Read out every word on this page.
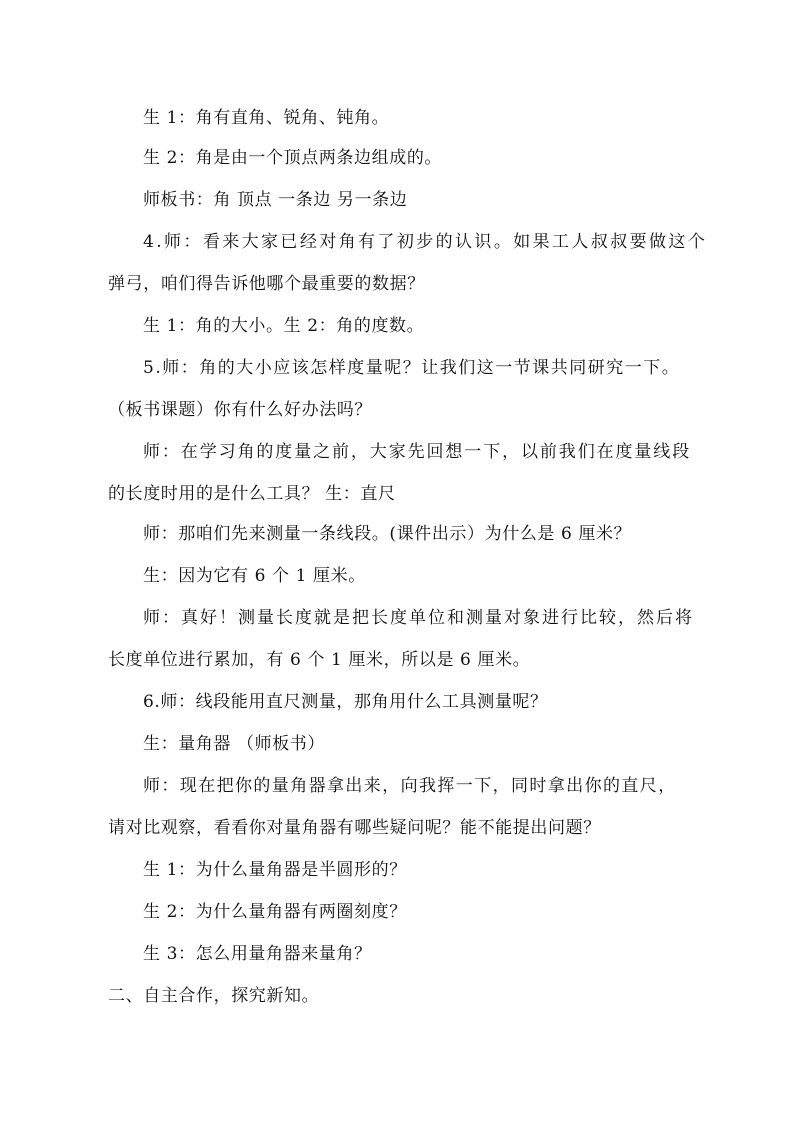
生 1：角有直角、锐角、钝角。
生 2：角是由一个顶点两条边组成的。
师板书：角 顶点 一条边 另一条边
4.师：看来大家已经对角有了初步的认识。如果工人叔叔要做这个
弹弓，咱们得告诉他哪个最重要的数据？
生 1：角的大小。生 2：角的度数。
5.师：角的大小应该怎样度量呢？让我们这一节课共同研究一下。
（板书课题）你有什么好办法吗？
师：在学习角的度量之前，大家先回想一下，以前我们在度量线段
的长度时用的是什么工具？ 生：直尺
师：那咱们先来测量一条线段。(课件出示）为什么是 6 厘米？
生：因为它有 6 个 1 厘米。
师：真好！测量长度就是把长度单位和测量对象进行比较，然后将
长度单位进行累加，有 6 个 1 厘米，所以是 6 厘米。
6.师：线段能用直尺测量，那角用什么工具测量呢？
生：量角器 （师板书）
师：现在把你的量角器拿出来，向我挥一下，同时拿出你的直尺，
请对比观察，看看你对量角器有哪些疑问呢？能不能提出问题？
生 1：为什么量角器是半圆形的？
生 2：为什么量角器有两圈刻度？
生 3：怎么用量角器来量角？
二、自主合作，探究新知。
